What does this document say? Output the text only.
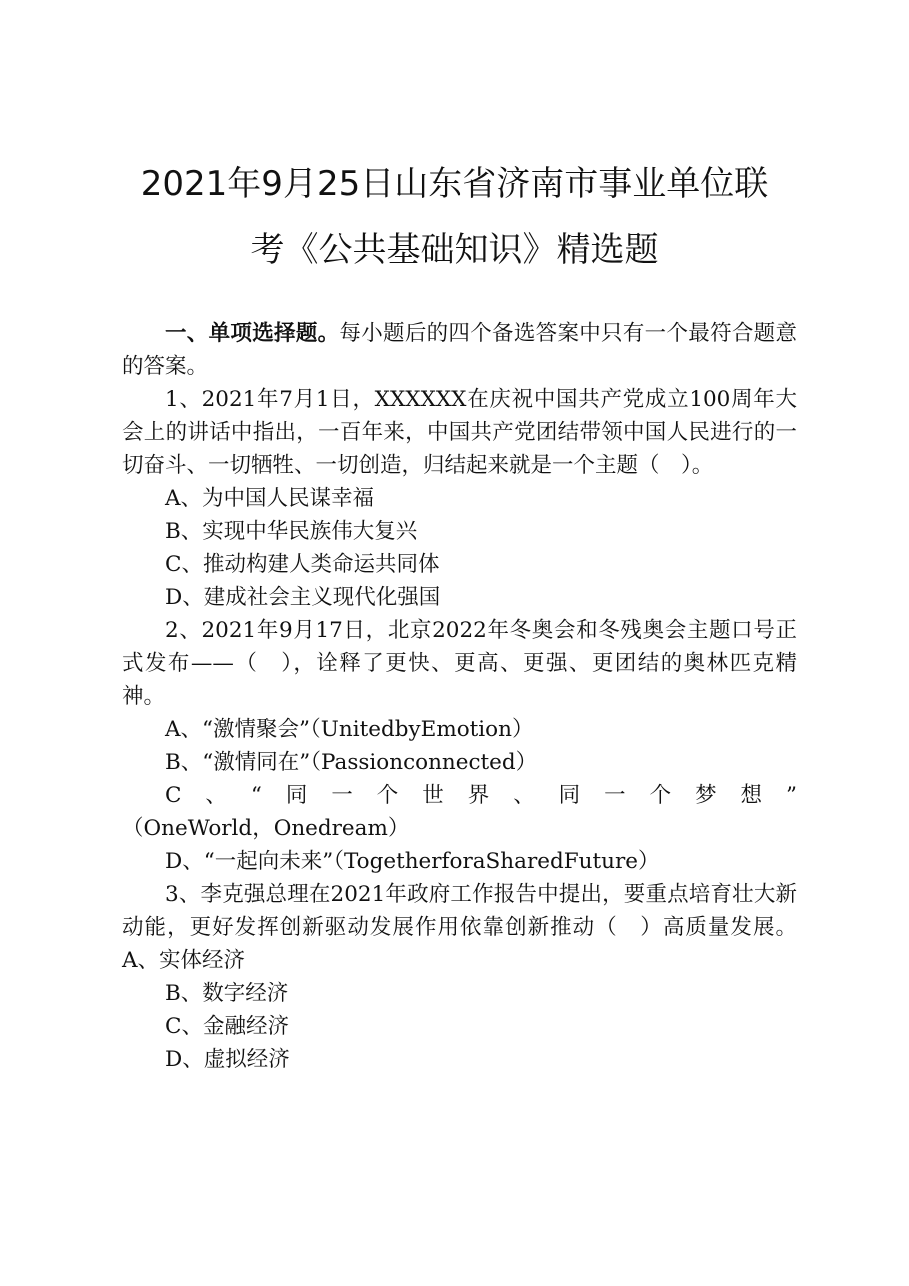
2021年9月25日山东省济南市事业单位联
考《公共基础知识》精选题

一、单项选择题。每小题后的四个备选答案中只有一个最符合题意的答案。

1、2021年7月1日，XXXXXX在庆祝中国共产党成立100周年大会上的讲话中指出，一百年来，中国共产党团结带领中国人民进行的一切奋斗、一切牺牲、一切创造，归结起来就是一个主题（　）。

A、为中国人民谋幸福

B、实现中华民族伟大复兴

C、推动构建人类命运共同体

D、建成社会主义现代化强国

2、2021年9月17日，北京2022年冬奥会和冬残奥会主题口号正式发布——（　），诠释了更快、更高、更强、更团结的奥林匹克精神。

A、“激情聚会”（UnitedbyEmotion）

B、“激情同在”（Passionconnected）

C、“同一个世界、同一个梦想”

（OneWorld，Onedream）

D、“一起向未来”（TogetherforaSharedFuture）

3、李克强总理在2021年政府工作报告中提出，要重点培育壮大新动能，更好发挥创新驱动发展作用依靠创新推动（　）高质量发展。A、实体经济

B、数字经济

C、金融经济

D、虚拟经济
